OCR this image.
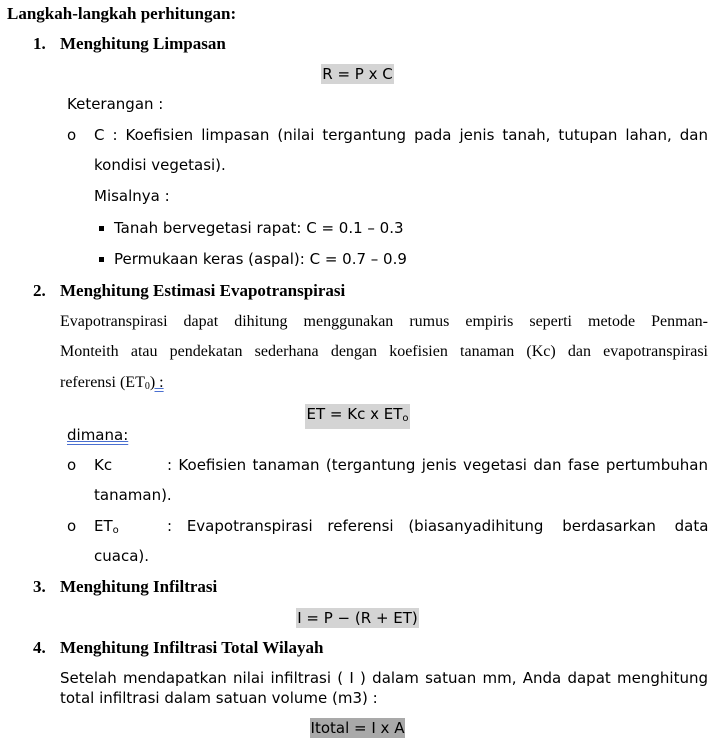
Langkah-langkah perhitungan:
1. Menghitung Limpasan
R = P x C
Keterangan :
o C : Koefisien limpasan (nilai tergantung pada jenis tanah, tutupan lahan, dan
kondisi vegetasi).
Misalnya :
Tanah bervegetasi rapat: C = 0.1 – 0.3
Permukaan keras (aspal): C = 0.7 – 0.9
2. Menghitung Estimasi Evapotranspirasi
Evapotranspirasi dapat dihitung menggunakan rumus empiris seperti metode Penman-
Monteith atau pendekatan sederhana dengan koefisien tanaman (Kc) dan evapotranspirasi
referensi $(ET_0)$ :
ET = Kc x $ET_o$
dimana:
o Kc	: Koefisien tanaman (tergantung jenis vegetasi dan fase pertumbuhan
tanaman).
o $ET_o$	: Evapotranspirasi referensi (biasanya dihitung berdasarkan data
cuaca).
3. Menghitung Infiltrasi
I = P − (R + ET)
4. Menghitung Infiltrasi Total Wilayah
Setelah mendapatkan nilai infiltrasi ( I ) dalam satuan mm, Anda dapat menghitung
total infiltrasi dalam satuan volume (m3) :
Itotal = I x A
